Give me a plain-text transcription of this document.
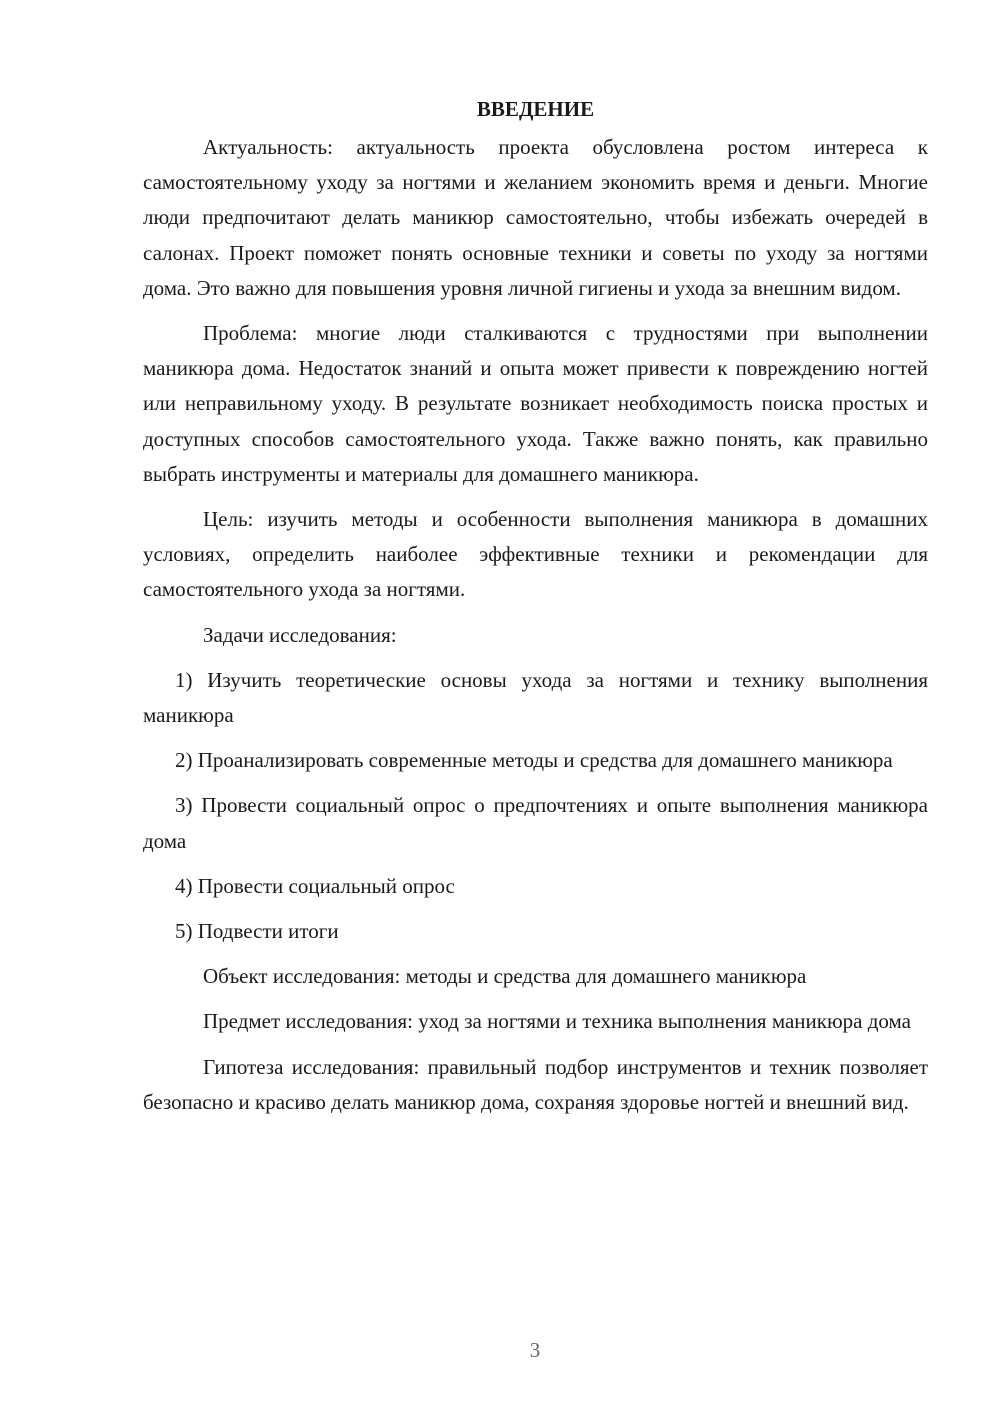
ВВЕДЕНИЕ

Актуальность: актуальность проекта обусловлена ростом интереса к самостоятельному уходу за ногтями и желанием экономить время и деньги. Многие люди предпочитают делать маникюр самостоятельно, чтобы избежать очередей в салонах. Проект поможет понять основные техники и советы по уходу за ногтями дома. Это важно для повышения уровня личной гигиены и ухода за внешним видом.

Проблема: многие люди сталкиваются с трудностями при выполнении маникюра дома. Недостаток знаний и опыта может привести к повреждению ногтей или неправильному уходу. В результате возникает необходимость поиска простых и доступных способов самостоятельного ухода. Также важно понять, как правильно выбрать инструменты и материалы для домашнего маникюра.

Цель: изучить методы и особенности выполнения маникюра в домашних условиях, определить наиболее эффективные техники и рекомендации для самостоятельного ухода за ногтями.

Задачи исследования:

1) Изучить теоретические основы ухода за ногтями и технику выполнения маникюра

2) Проанализировать современные методы и средства для домашнего маникюра

3) Провести социальный опрос о предпочтениях и опыте выполнения маникюра дома

4) Провести социальный опрос

5) Подвести итоги

Объект исследования: методы и средства для домашнего маникюра

Предмет исследования: уход за ногтями и техника выполнения маникюра дома

Гипотеза исследования: правильный подбор инструментов и техник позволяет безопасно и красиво делать маникюр дома, сохраняя здоровье ногтей и внешний вид.

3
